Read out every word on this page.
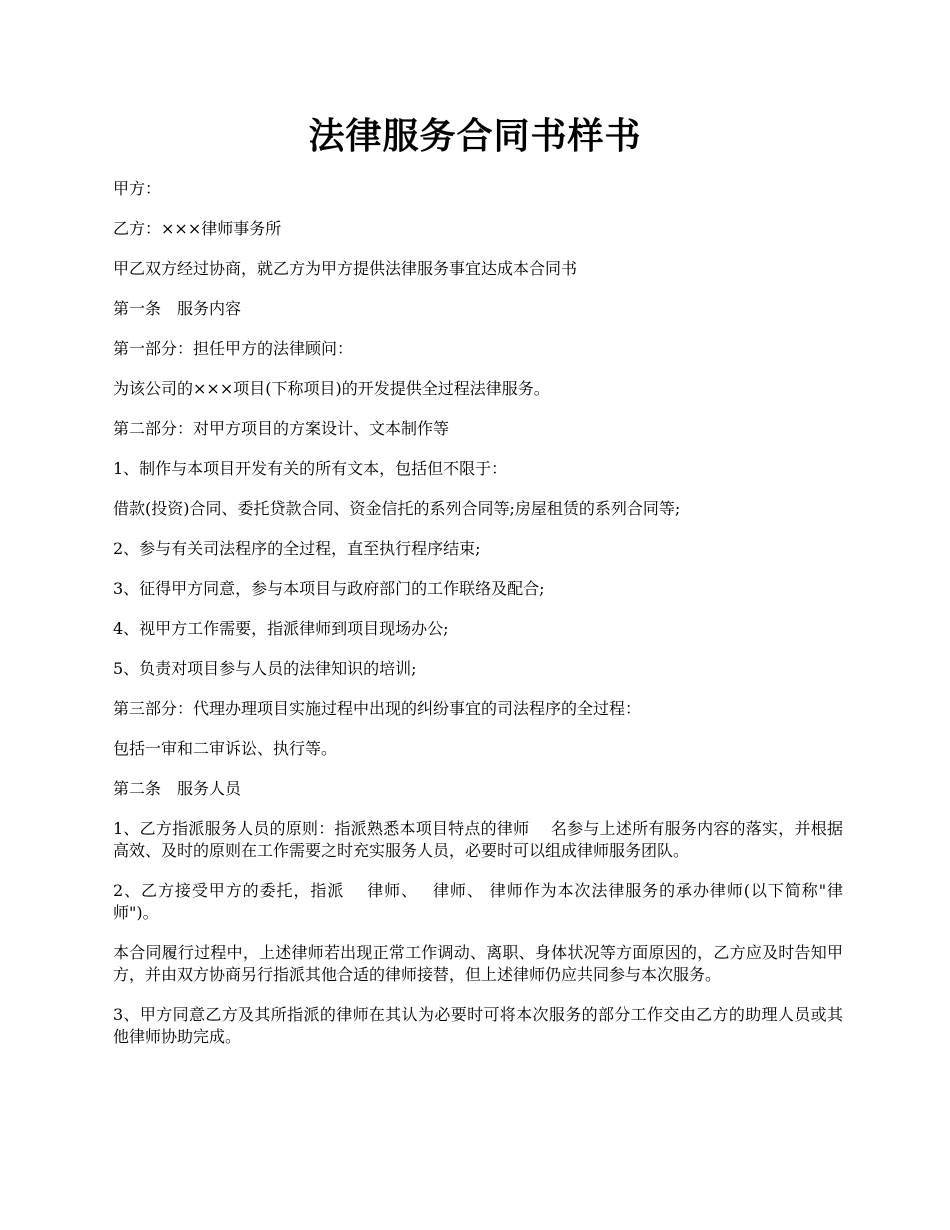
法律服务合同书样书

甲方：

乙方：×××律师事务所

甲乙双方经过协商，就乙方为甲方提供法律服务事宜达成本合同书

第一条　服务内容

第一部分：担任甲方的法律顾问：

为该公司的×××项目(下称项目)的开发提供全过程法律服务。

第二部分：对甲方项目的方案设计、文本制作等

1、制作与本项目开发有关的所有文本，包括但不限于：

借款(投资)合同、委托贷款合同、资金信托的系列合同等;房屋租赁的系列合同等;

2、参与有关司法程序的全过程，直至执行程序结束;

3、征得甲方同意，参与本项目与政府部门的工作联络及配合;

4、视甲方工作需要，指派律师到项目现场办公;

5、负责对项目参与人员的法律知识的培训;

第三部分：代理办理项目实施过程中出现的纠纷事宜的司法程序的全过程：

包括一审和二审诉讼、执行等。

第二条　服务人员

1、乙方指派服务人员的原则：指派熟悉本项目特点的律师　 名参与上述所有服务内容的落实，并根据高效、及时的原则在工作需要之时充实服务人员，必要时可以组成律师服务团队。

2、乙方接受甲方的委托，指派　 律师、　 律师、 律师作为本次法律服务的承办律师(以下简称"律师")。

本合同履行过程中，上述律师若出现正常工作调动、离职、身体状况等方面原因的，乙方应及时告知甲方，并由双方协商另行指派其他合适的律师接替，但上述律师仍应共同参与本次服务。

3、甲方同意乙方及其所指派的律师在其认为必要时可将本次服务的部分工作交由乙方的助理人员或其他律师协助完成。
